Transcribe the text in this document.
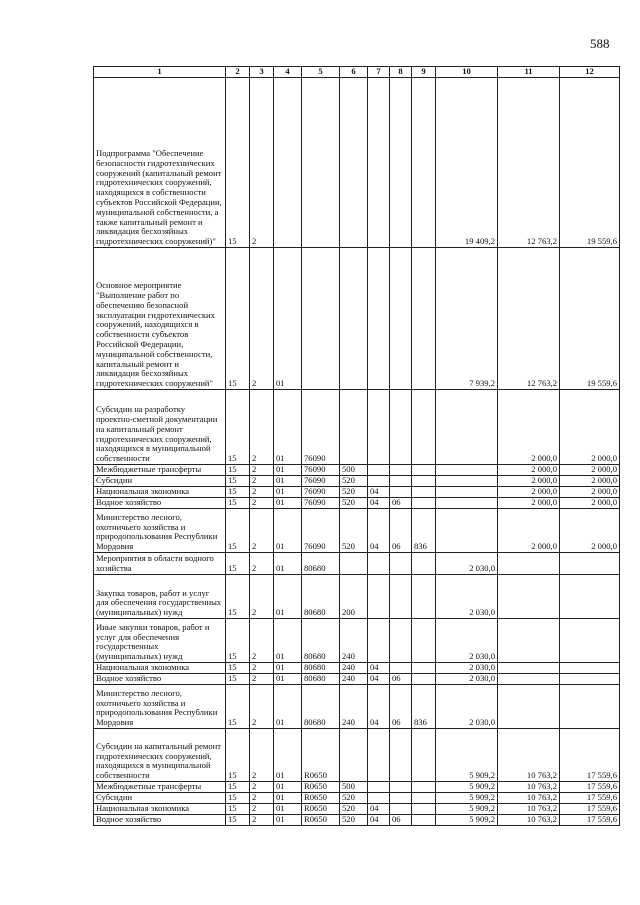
588
1	2	3	4	5	6	7	8	9	10	11	12
Подпрограмма "Обеспечение безопасности гидротехнических сооружений (капитальный ремонт гидротехнических сооружений, находящихся в собственности субъектов Российской Федерации, муниципальной собственности, а также капитальный ремонт и ликвидация бесхозяйных гидротехнических сооружений)"	15	2							19 409,2	12 763,2	19 559,6
Основное мероприятие "Выполнение работ по обеспечению безопасной эксплуатации гидротехнических сооружений, находящихся в собственности субъектов Российской Федерации, муниципальной собственности, капитальный ремонт и ликвидация бесхозяйных гидротехнических сооружений"	15	2	01						7 939,2	12 763,2	19 559,6
Субсидии на разработку проектно-сметной документации на капитальный ремонт гидротехнических сооружений, находящихся в муниципальной собственности	15	2	01	76090						2 000,0	2 000,0
Межбюджетные трансферты	15	2	01	76090	500					2 000,0	2 000,0
Субсидии	15	2	01	76090	520					2 000,0	2 000,0
Национальная экономика	15	2	01	76090	520	04				2 000,0	2 000,0
Водное хозяйство	15	2	01	76090	520	04	06			2 000,0	2 000,0
Министерство лесного, охотничьего хозяйства и природопользования Республики Мордовия	15	2	01	76090	520	04	06	836		2 000,0	2 000,0
Мероприятия в области водного хозяйства	15	2	01	80680					2 030,0		
Закупка товаров, работ и услуг для обеспечения государственных (муниципальных) нужд	15	2	01	80680	200				2 030,0		
Иные закупки товаров, работ и услуг для обеспечения государственных (муниципальных) нужд	15	2	01	80680	240				2 030,0		
Национальная экономика	15	2	01	80680	240	04			2 030,0		
Водное хозяйство	15	2	01	80680	240	04	06		2 030,0		
Министерство лесного, охотничьего хозяйства и природопользования Республики Мордовия	15	2	01	80680	240	04	06	836	2 030,0		
Субсидии на капитальный ремонт гидротехнических сооружений, находящихся в муниципальной собственности	15	2	01	R0650					5 909,2	10 763,2	17 559,6
Межбюджетные трансферты	15	2	01	R0650	500				5 909,2	10 763,2	17 559,6
Субсидии	15	2	01	R0650	520				5 909,2	10 763,2	17 559,6
Национальная экономика	15	2	01	R0650	520	04			5 909,2	10 763,2	17 559,6
Водное хозяйство	15	2	01	R0650	520	04	06		5 909,2	10 763,2	17 559,6
